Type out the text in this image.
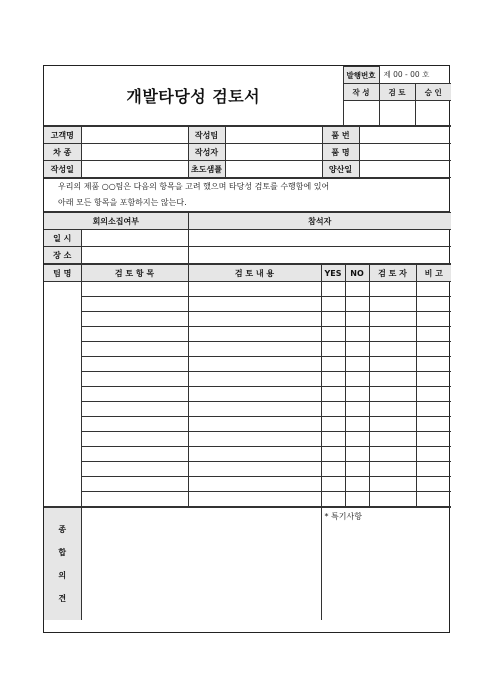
개발타당성 검토서	발행번호	제 00 - 00 호	
	작 성	검 토	승 인

고객명		작성팀		품 번	
차 종		작성자		품 명	
작성일		초도샘플		양산일	
우리의 제품 ○○팀은 다음의 항목을 고려 했으며 타당성 검토를 수행함에 있어
아래 모든 항목을 포함하지는 않는다.
회의소집여부		참석자
일 시		
장 소		
팀 명	검 토 항 목	검 토 내 용	YES	NO	검 토 자	비 고

종
합
의
견
		* 특기사항
